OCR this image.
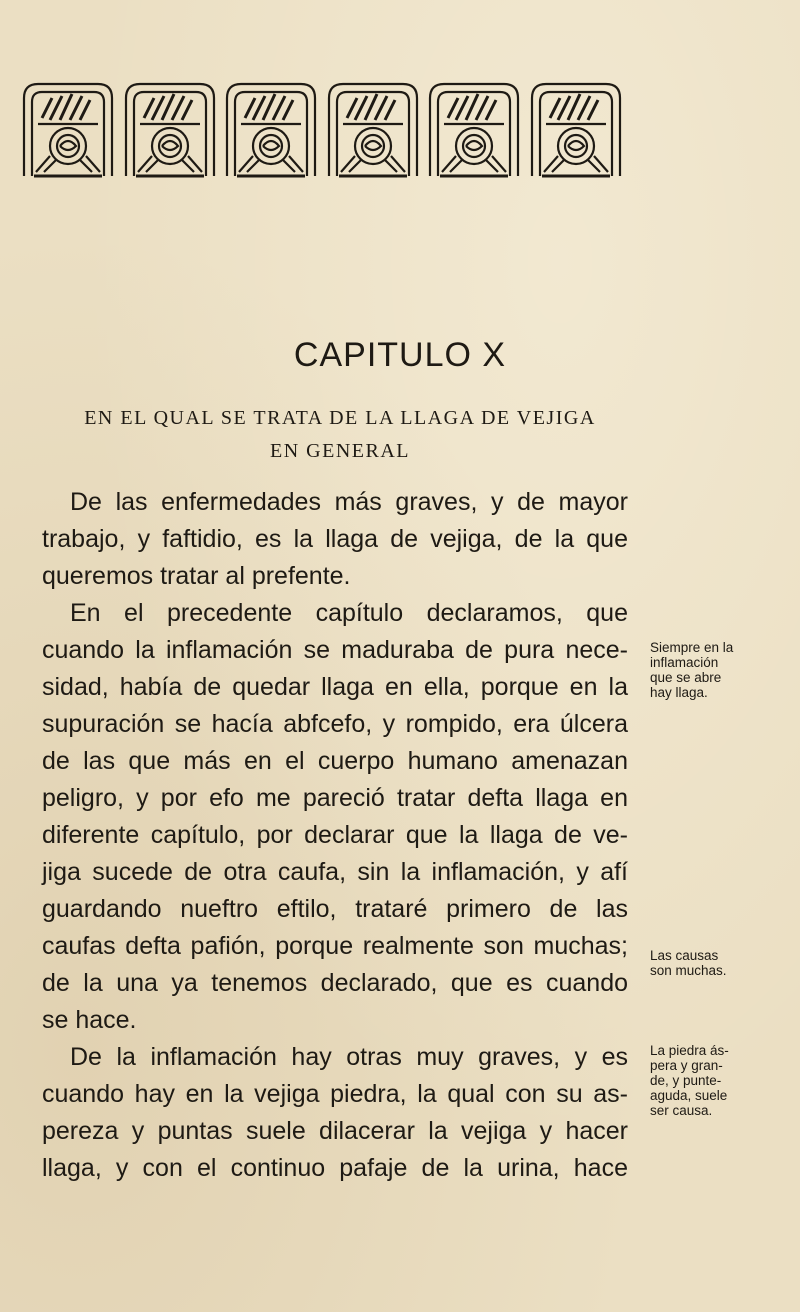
CAPITULO X
EN EL QUAL SE TRATA DE LA LLAGA DE VEJIGA
EN GENERAL
De las enfermedades más graves, y de mayor
trabajo, y faftidio, es la llaga de vejiga, de la que
queremos tratar al prefente.
En el precedente capítulo declaramos, que
cuando la inflamación se maduraba de pura nece-
sidad, había de quedar llaga en ella, porque en la
supuración se hacía abfcefo, y rompido, era úlcera
de las que más en el cuerpo humano amenazan
peligro, y por efo me pareció tratar defta llaga en
diferente capítulo, por declarar que la llaga de ve-
jiga sucede de otra caufa, sin la inflamación, y afí
guardando nueftro eftilo, trataré primero de las
caufas defta pafión, porque realmente son muchas;
de la una ya tenemos declarado, que es cuando
se hace.
De la inflamación hay otras muy graves, y es
cuando hay en la vejiga piedra, la qual con su as-
pereza y puntas suele dilacerar la vejiga y hacer
llaga, y con el continuo pafaje de la urina, hace
Siempre en la
inflamación
que se abre
hay llaga.
Las causas
son muchas.
La piedra ás-
pera y gran-
de, y punte-
aguda, suele
ser causa.
